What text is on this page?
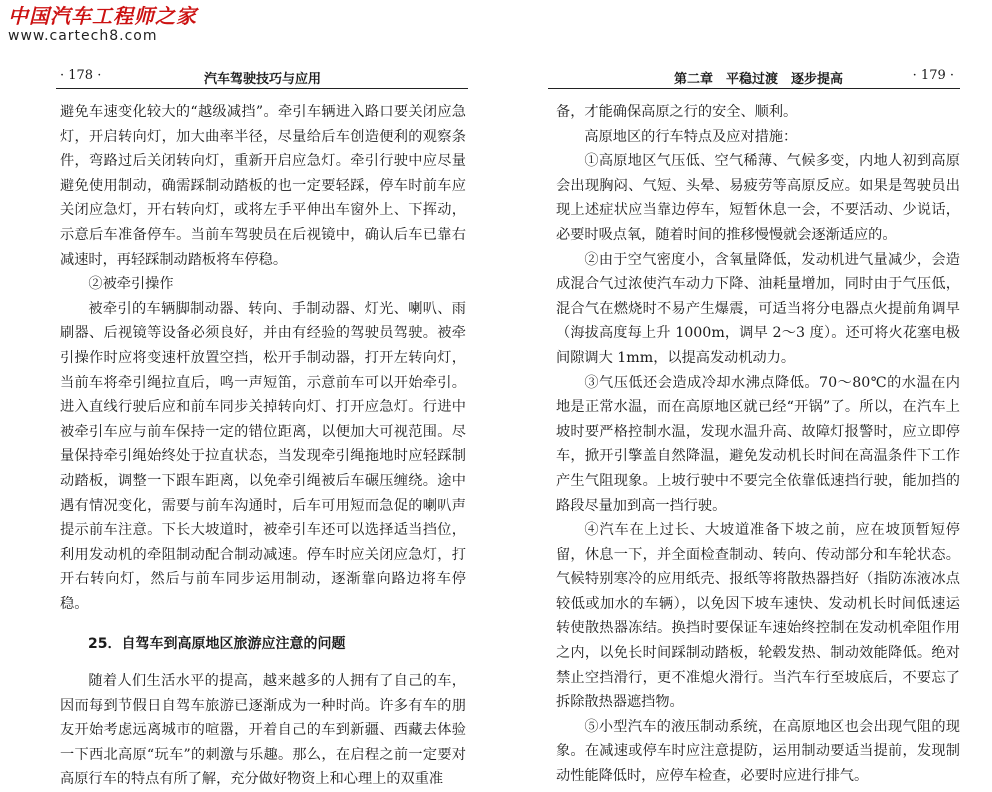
中国汽车工程师之家
www.cartech8.com
· 178 ·	汽车驾驶技巧与应用

避免车速变化较大的“越级减挡”。牵引车辆进入路口要关闭应急灯，开启转向灯，加大曲率半径，尽量给后车创造便利的观察条件，弯路过后关闭转向灯，重新开启应急灯。牵引行驶中应尽量避免使用制动，确需踩制动踏板的也一定要轻踩，停车时前车应关闭应急灯，开右转向灯，或将左手平伸出车窗外上、下挥动，示意后车准备停车。当前车驾驶员在后视镜中，确认后车已靠右减速时，再轻踩制动踏板将车停稳。

②被牵引操作

被牵引的车辆脚制动器、转向、手制动器、灯光、喇叭、雨刷器、后视镜等设备必须良好，并由有经验的驾驶员驾驶。被牵引操作时应将变速杆放置空挡，松开手制动器，打开左转向灯，当前车将牵引绳拉直后，鸣一声短笛，示意前车可以开始牵引。进入直线行驶后应和前车同步关掉转向灯、打开应急灯。行进中被牵引车应与前车保持一定的错位距离，以便加大可视范围。尽量保持牵引绳始终处于拉直状态，当发现牵引绳拖地时应轻踩制动踏板，调整一下跟车距离，以免牵引绳被后车碾压缠绕。途中遇有情况变化，需要与前车沟通时，后车可用短而急促的喇叭声提示前车注意。下长大坡道时，被牵引车还可以选择适当挡位，利用发动机的牵阻制动配合制动减速。停车时应关闭应急灯，打开右转向灯，然后与前车同步运用制动，逐渐靠向路边将车停稳。

25．自驾车到高原地区旅游应注意的问题

随着人们生活水平的提高，越来越多的人拥有了自己的车，因而每到节假日自驾车旅游已逐渐成为一种时尚。许多有车的朋友开始考虑远离城市的喧嚣，开着自己的车到新疆、西藏去体验一下西北高原“玩车”的刺激与乐趣。那么，在启程之前一定要对高原行车的特点有所了解，充分做好物资上和心理上的双重准

第二章　平稳过渡　逐步提高	· 179 ·

备，才能确保高原之行的安全、顺利。

高原地区的行车特点及应对措施：

①高原地区气压低、空气稀薄、气候多变，内地人初到高原会出现胸闷、气短、头晕、易疲劳等高原反应。如果是驾驶员出现上述症状应当靠边停车，短暂休息一会，不要活动、少说话，必要时吸点氧，随着时间的推移慢慢就会逐渐适应的。

②由于空气密度小，含氧量降低，发动机进气量减少，会造成混合气过浓使汽车动力下降、油耗量增加，同时由于气压低，混合气在燃烧时不易产生爆震，可适当将分电器点火提前角调早（海拔高度每上升 1000m，调早 2～3 度）。还可将火花塞电极间隙调大 1mm，以提高发动机动力。

③气压低还会造成冷却水沸点降低。70～80℃的水温在内地是正常水温，而在高原地区就已经“开锅”了。所以，在汽车上坡时要严格控制水温，发现水温升高、故障灯报警时，应立即停车，掀开引擎盖自然降温，避免发动机长时间在高温条件下工作产生气阻现象。上坡行驶中不要完全依靠低速挡行驶，能加挡的路段尽量加到高一挡行驶。

④汽车在上过长、大坡道准备下坡之前，应在坡顶暂短停留，休息一下，并全面检查制动、转向、传动部分和车轮状态。气候特别寒冷的应用纸壳、报纸等将散热器挡好（指防冻液冰点较低或加水的车辆），以免因下坡车速快、发动机长时间低速运转使散热器冻结。换挡时要保证车速始终控制在发动机牵阻作用之内，以免长时间踩制动踏板，轮毂发热、制动效能降低。绝对禁止空挡滑行，更不准熄火滑行。当汽车行至坡底后，不要忘了拆除散热器遮挡物。

⑤小型汽车的液压制动系统，在高原地区也会出现气阻的现象。在减速或停车时应注意提防，运用制动要适当提前，发现制动性能降低时，应停车检查，必要时应进行排气。
